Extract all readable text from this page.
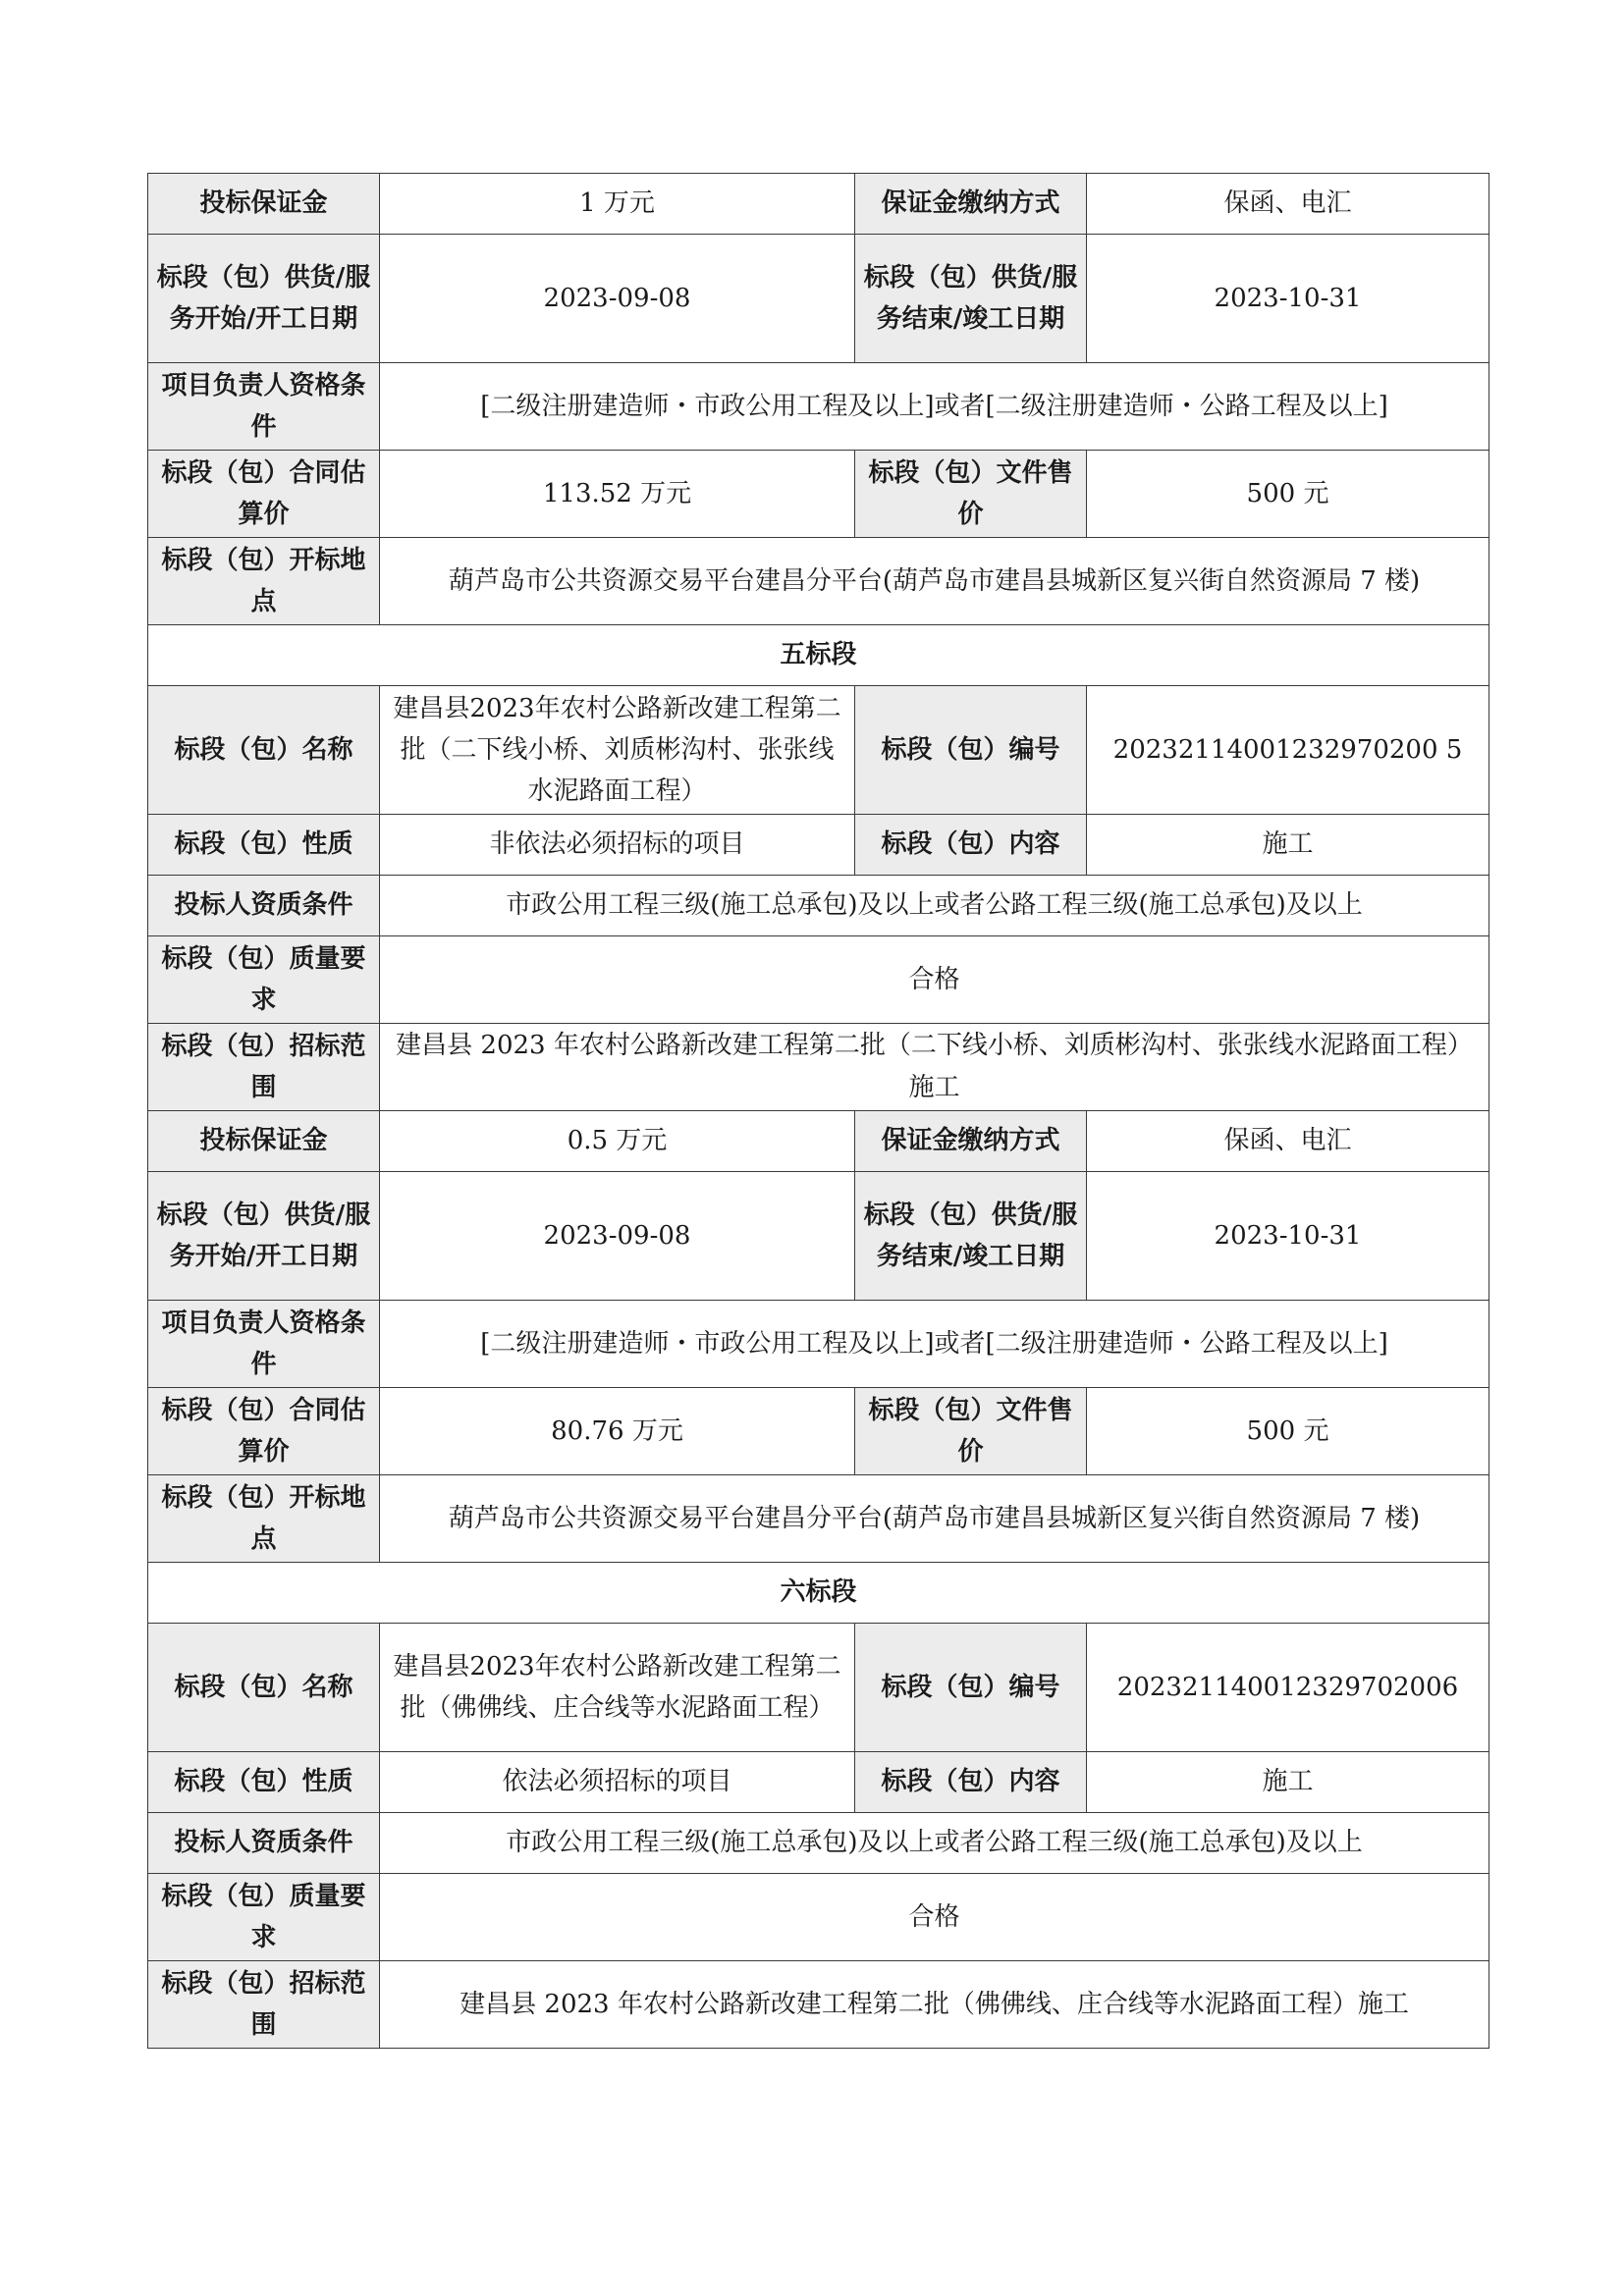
投标保证金	1 万元	保证金缴纳方式	保函、电汇
标段（包）供货/服务开始/开工日期	2023-09-08	标段（包）供货/服务结束/竣工日期	2023-10-31
项目负责人资格条件	[二级注册建造师・市政公用工程及以上]或者[二级注册建造师・公路工程及以上]		
标段（包）合同估算价	113.52 万元	标段（包）文件售价	500 元
标段（包）开标地点	葫芦岛市公共资源交易平台建昌分平台(葫芦岛市建昌县城新区复兴街自然资源局 7 楼)		
五标段			
标段（包）名称	建昌县2023年农村公路新改建工程第二批（二下线小桥、刘质彬沟村、张张线水泥路面工程）	标段（包）编号	20232114001232970200 5
标段（包）性质	非依法必须招标的项目	标段（包）内容	施工
投标人资质条件	市政公用工程三级(施工总承包)及以上或者公路工程三级(施工总承包)及以上		
标段（包）质量要求	合格		
标段（包）招标范围	建昌县 2023 年农村公路新改建工程第二批（二下线小桥、刘质彬沟村、张张线水泥路面工程）施工		
投标保证金	0.5 万元	保证金缴纳方式	保函、电汇
标段（包）供货/服务开始/开工日期	2023-09-08	标段（包）供货/服务结束/竣工日期	2023-10-31
项目负责人资格条件	[二级注册建造师・市政公用工程及以上]或者[二级注册建造师・公路工程及以上]		
标段（包）合同估算价	80.76 万元	标段（包）文件售价	500 元
标段（包）开标地点	葫芦岛市公共资源交易平台建昌分平台(葫芦岛市建昌县城新区复兴街自然资源局 7 楼)		
六标段			
标段（包）名称	建昌县2023年农村公路新改建工程第二批（佛佛线、庄合线等水泥路面工程）	标段（包）编号	202321140012329702006
标段（包）性质	依法必须招标的项目	标段（包）内容	施工
投标人资质条件	市政公用工程三级(施工总承包)及以上或者公路工程三级(施工总承包)及以上		
标段（包）质量要求	合格		
标段（包）招标范围	建昌县 2023 年农村公路新改建工程第二批（佛佛线、庄合线等水泥路面工程）施工		
